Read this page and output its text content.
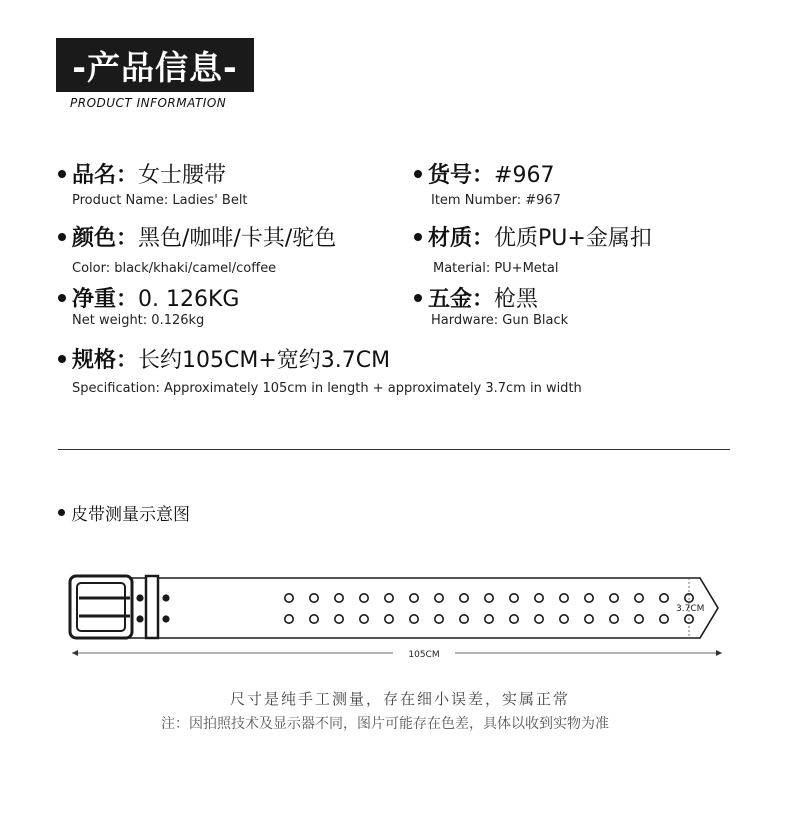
-产品信息-
PRODUCT INFORMATION
品名： 女士腰带
Product Name: Ladies' Belt
货号： #967
Item Number: #967
颜色： 黑色/咖啡/卡其/驼色
Color: black/khaki/camel/coffee
材质： 优质PU+金属扣
Material: PU+Metal
净重： 0. 126KG
Net weight: 0.126kg
五金： 枪黑
Hardware: Gun Black
规格： 长约105CM+宽约3.7CM
Specification: Approximately 105cm in length + approximately 3.7cm in width
皮带测量示意图
3.7CM
105CM
尺寸是纯手工测量，存在细小误差，实属正常
注：因拍照技术及显示器不同，图片可能存在色差，具体以收到实物为准
